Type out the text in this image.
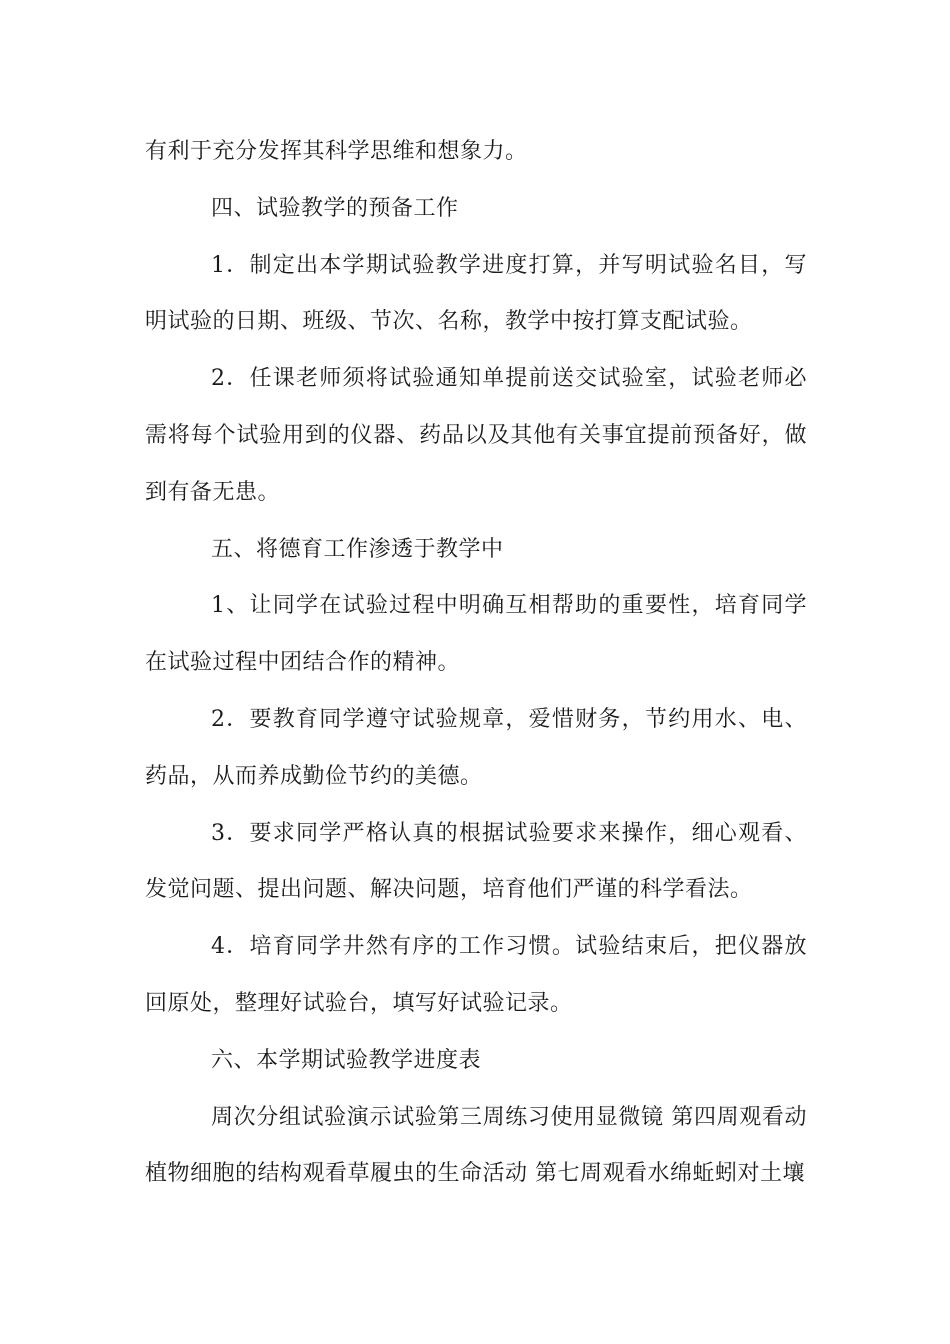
有利于充分发挥其科学思维和想象力。

四、试验教学的预备工作

1．制定出本学期试验教学进度打算，并写明试验名目，写明试验的日期、班级、节次、名称，教学中按打算支配试验。

2．任课老师须将试验通知单提前送交试验室，试验老师必需将每个试验用到的仪器、药品以及其他有关事宜提前预备好，做到有备无患。

五、将德育工作渗透于教学中

1、让同学在试验过程中明确互相帮助的重要性，培育同学在试验过程中团结合作的精神。

2．要教育同学遵守试验规章，爱惜财务，节约用水、电、药品，从而养成勤俭节约的美德。

3．要求同学严格认真的根据试验要求来操作，细心观看、发觉问题、提出问题、解决问题，培育他们严谨的科学看法。

4．培育同学井然有序的工作习惯。试验结束后，把仪器放回原处，整理好试验台，填写好试验记录。

六、本学期试验教学进度表

周次分组试验演示试验第三周练习使用显微镜 第四周观看动植物细胞的结构观看草履虫的生命活动 第七周观看水绵蚯蚓对土壤
